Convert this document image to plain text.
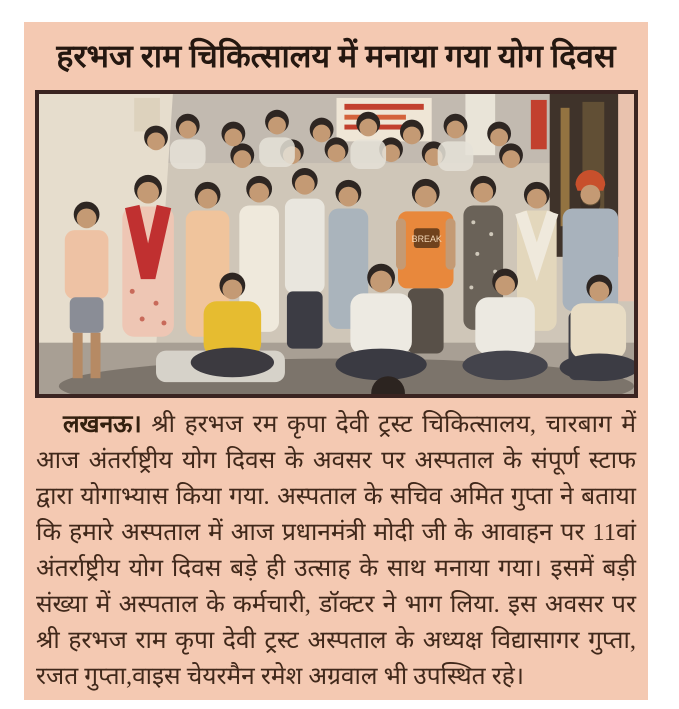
हरभज राम चिकित्सालय में मनाया गया योग दिवस
BREAK

लखनऊ। श्री हरभज रम कृपा देवी ट्रस्ट चिकित्सालय, चारबाग में आज अंतर्राष्ट्रीय योग दिवस के अवसर पर अस्पताल के संपूर्ण स्टाफ द्वारा योगाभ्यास किया गया. अस्पताल के सचिव अमित गुप्ता ने बताया कि हमारे अस्पताल में आज प्रधानमंत्री मोदी जी के आवाहन पर 11वां अंतर्राष्ट्रीय योग दिवस बड़े ही उत्साह के साथ मनाया गया। इसमें बड़ी संख्या में अस्पताल के कर्मचारी, डॉक्टर ने भाग लिया. इस अवसर पर श्री हरभज राम कृपा देवी ट्रस्ट अस्पताल के अध्यक्ष विद्यासागर गुप्ता, रजत गुप्ता,वाइस चेयरमैन रमेश अग्रवाल भी उपस्थित रहे।
